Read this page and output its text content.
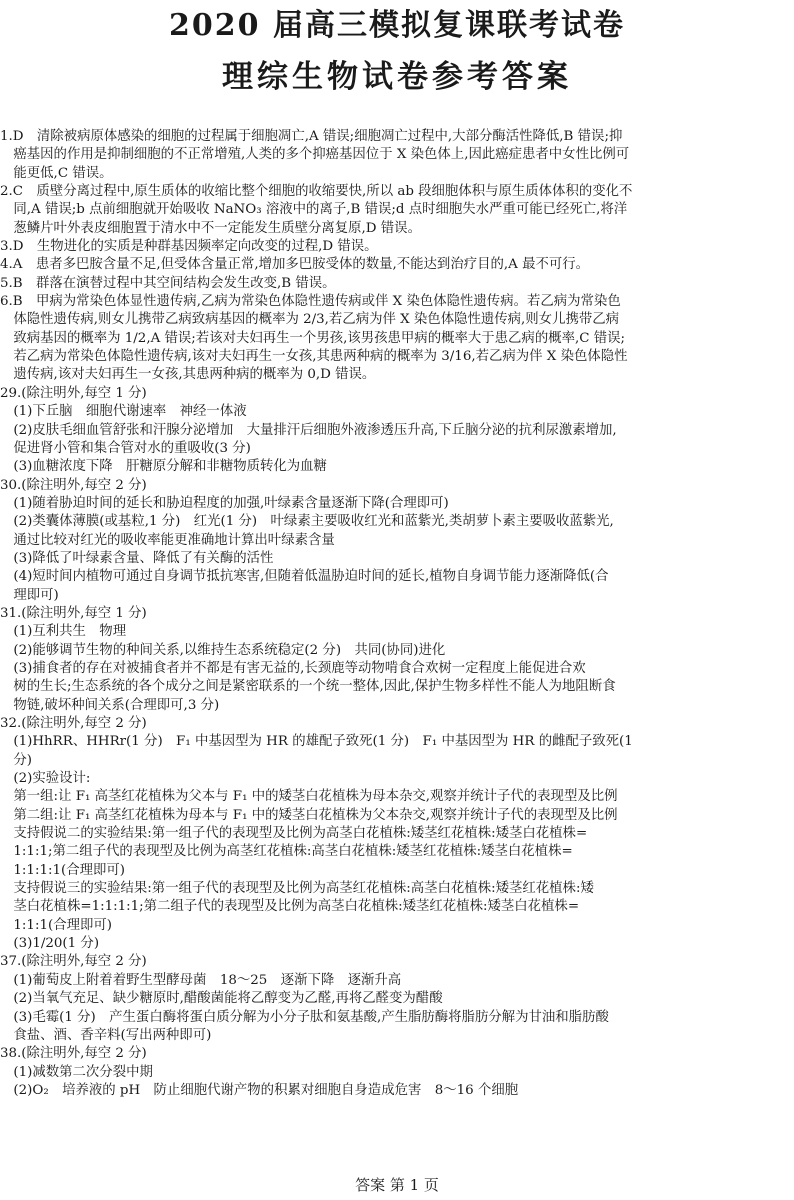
2020 届高三模拟复课联考试卷
理综生物试卷参考答案
1.D　清除被病原体感染的细胞的过程属于细胞凋亡,A 错误;细胞凋亡过程中,大部分酶活性降低,B 错误;抑
　癌基因的作用是抑制细胞的不正常增殖,人类的多个抑癌基因位于 X 染色体上,因此癌症患者中女性比例可
　能更低,C 错误。
2.C　质壁分离过程中,原生质体的收缩比整个细胞的收缩要快,所以 ab 段细胞体积与原生质体体积的变化不
　同,A 错误;b 点前细胞就开始吸收 NaNO₃ 溶液中的离子,B 错误;d 点时细胞失水严重可能已经死亡,将洋
　葱鳞片叶外表皮细胞置于清水中不一定能发生质壁分离复原,D 错误。
3.D　生物进化的实质是种群基因频率定向改变的过程,D 错误。
4.A　患者多巴胺含量不足,但受体含量正常,增加多巴胺受体的数量,不能达到治疗目的,A 最不可行。
5.B　群落在演替过程中其空间结构会发生改变,B 错误。
6.B　甲病为常染色体显性遗传病,乙病为常染色体隐性遗传病或伴 X 染色体隐性遗传病。若乙病为常染色
　体隐性遗传病,则女儿携带乙病致病基因的概率为 2/3,若乙病为伴 X 染色体隐性遗传病,则女儿携带乙病
　致病基因的概率为 1/2,A 错误;若该对夫妇再生一个男孩,该男孩患甲病的概率大于患乙病的概率,C 错误;
　若乙病为常染色体隐性遗传病,该对夫妇再生一女孩,其患两种病的概率为 3/16,若乙病为伴 X 染色体隐性
　遗传病,该对夫妇再生一女孩,其患两种病的概率为 0,D 错误。
29.(除注明外,每空 1 分)
　(1)下丘脑　细胞代谢速率　神经一体液
　(2)皮肤毛细血管舒张和汗腺分泌增加　大量排汗后细胞外液渗透压升高,下丘脑分泌的抗利尿激素增加,
　促进肾小管和集合管对水的重吸收(3 分)
　(3)血糖浓度下降　肝糖原分解和非糖物质转化为血糖
30.(除注明外,每空 2 分)
　(1)随着胁迫时间的延长和胁迫程度的加强,叶绿素含量逐渐下降(合理即可)
　(2)类囊体薄膜(或基粒,1 分)　红光(1 分)　叶绿素主要吸收红光和蓝紫光,类胡萝卜素主要吸收蓝紫光,
　通过比较对红光的吸收率能更准确地计算出叶绿素含量
　(3)降低了叶绿素含量、降低了有关酶的活性
　(4)短时间内植物可通过自身调节抵抗寒害,但随着低温胁迫时间的延长,植物自身调节能力逐渐降低(合
　理即可)
31.(除注明外,每空 1 分)
　(1)互利共生　物理
　(2)能够调节生物的种间关系,以维持生态系统稳定(2 分)　共同(协同)进化
　(3)捕食者的存在对被捕食者并不都是有害无益的,长颈鹿等动物啃食合欢树一定程度上能促进合欢
　树的生长;生态系统的各个成分之间是紧密联系的一个统一整体,因此,保护生物多样性不能人为地阻断食
　物链,破坏种间关系(合理即可,3 分)
32.(除注明外,每空 2 分)
　(1)HhRR、HHRr(1 分)　F₁ 中基因型为 HR 的雄配子致死(1 分)　F₁ 中基因型为 HR 的雌配子致死(1
　分)
　(2)实验设计:
　第一组:让 F₁ 高茎红花植株为父本与 F₁ 中的矮茎白花植株为母本杂交,观察并统计子代的表现型及比例
　第二组:让 F₁ 高茎红花植株为母本与 F₁ 中的矮茎白花植株为父本杂交,观察并统计子代的表现型及比例
　支持假说二的实验结果:第一组子代的表现型及比例为高茎白花植株:矮茎红花植株:矮茎白花植株=
　1:1:1;第二组子代的表现型及比例为高茎红花植株:高茎白花植株:矮茎红花植株:矮茎白花植株=
　1:1:1:1(合理即可)
　支持假说三的实验结果:第一组子代的表现型及比例为高茎红花植株:高茎白花植株:矮茎红花植株:矮
　茎白花植株=1:1:1:1;第二组子代的表现型及比例为高茎白花植株:矮茎红花植株:矮茎白花植株=
　1:1:1(合理即可)
　(3)1/20(1 分)
37.(除注明外,每空 2 分)
　(1)葡萄皮上附着着野生型酵母菌　18～25　逐渐下降　逐渐升高
　(2)当氧气充足、缺少糖原时,醋酸菌能将乙醇变为乙醛,再将乙醛变为醋酸
　(3)毛霉(1 分)　产生蛋白酶将蛋白质分解为小分子肽和氨基酸,产生脂肪酶将脂肪分解为甘油和脂肪酸
　食盐、酒、香辛料(写出两种即可)
38.(除注明外,每空 2 分)
　(1)减数第二次分裂中期
　(2)O₂　培养液的 pH　防止细胞代谢产物的积累对细胞自身造成危害　8～16 个细胞
答案 第 1 页
